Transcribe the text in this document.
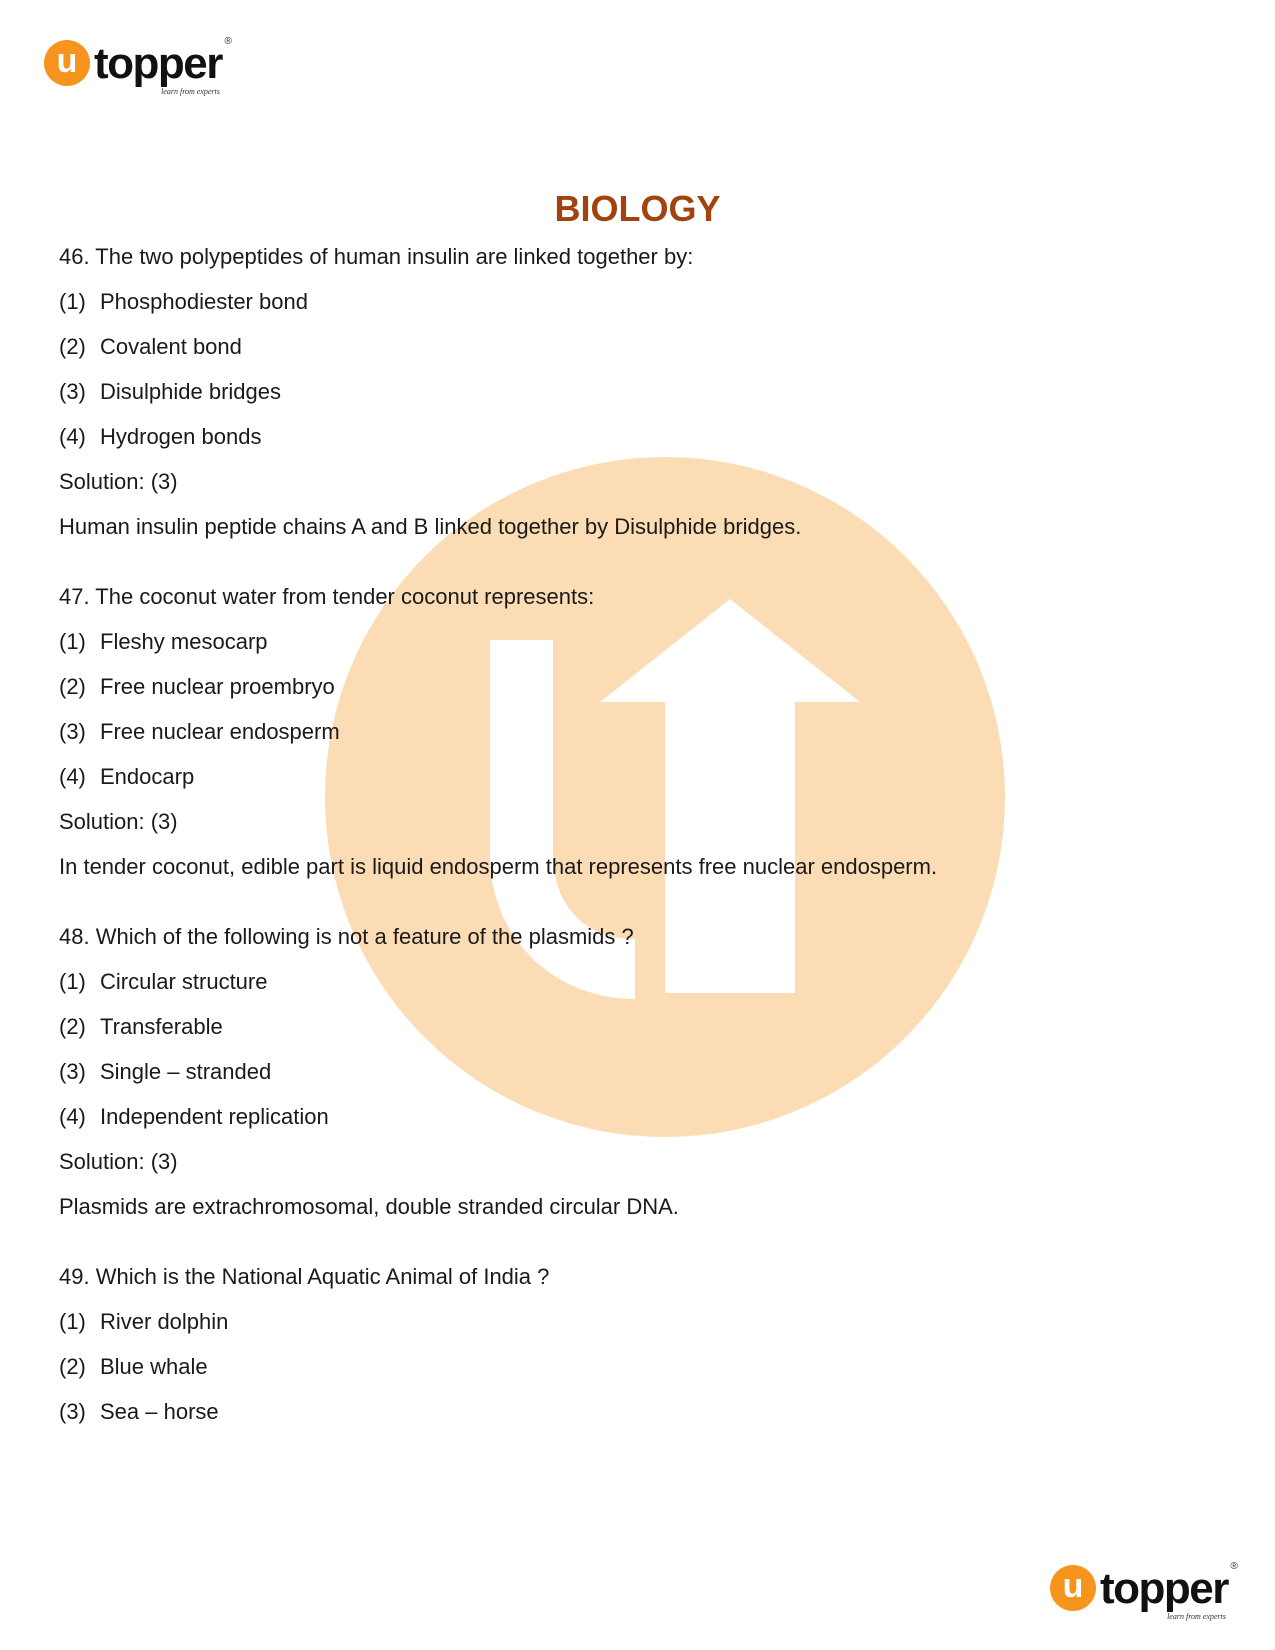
u topper
learn from experts
®
BIOLOGY
46. The two polypeptides of human insulin are linked together by:
(1) Phosphodiester bond
(2) Covalent bond
(3) Disulphide bridges
(4) Hydrogen bonds
Solution: (3)
Human insulin peptide chains A and B linked together by Disulphide bridges.
47. The coconut water from tender coconut represents:
(1) Fleshy mesocarp
(2) Free nuclear proembryo
(3) Free nuclear endosperm
(4) Endocarp
Solution: (3)
In tender coconut, edible part is liquid endosperm that represents free nuclear endosperm.
48. Which of the following is not a feature of the plasmids ?
(1) Circular structure
(2) Transferable
(3) Single – stranded
(4) Independent replication
Solution: (3)
Plasmids are extrachromosomal, double stranded circular DNA.
49. Which is the National Aquatic Animal of India ?
(1) River dolphin
(2) Blue whale
(3) Sea – horse
u topper
learn from experts
®
